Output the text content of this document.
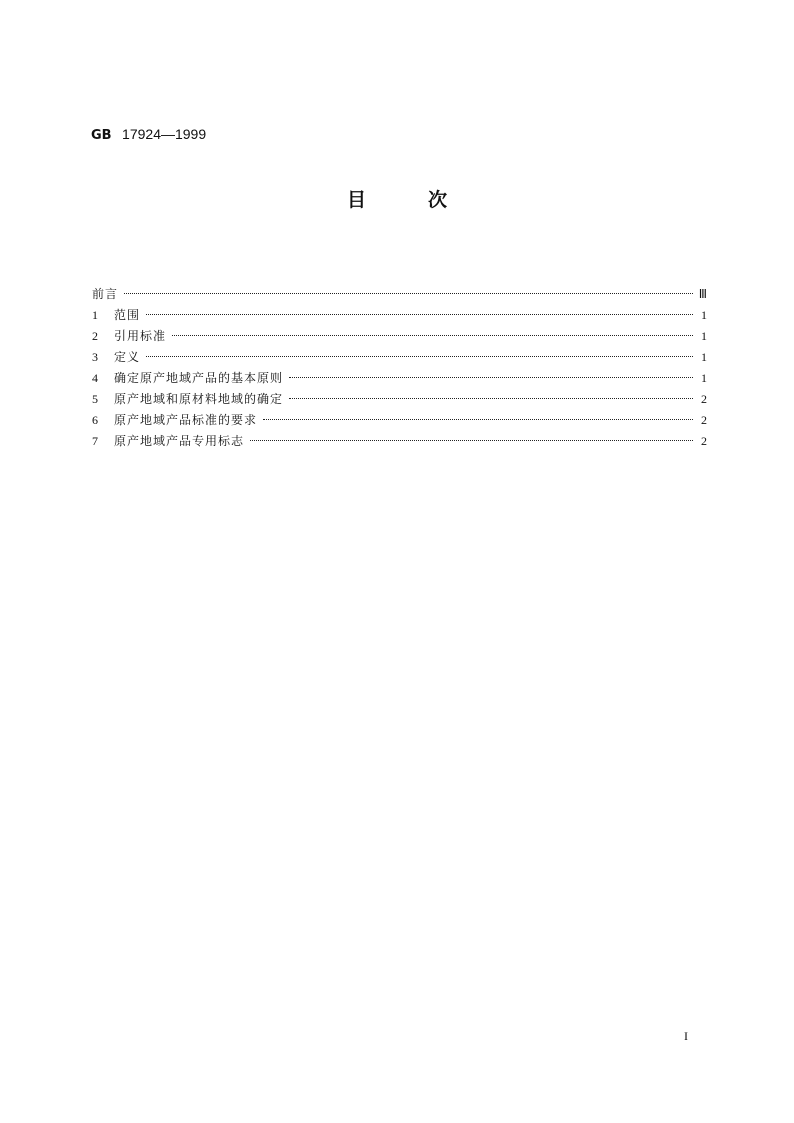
GB 17924—1999
目次
前言	Ⅲ
1	范围	1
2	引用标准	1
3	定义	1
4	确定原产地域产品的基本原则	1
5	原产地域和原材料地域的确定	2
6	原产地域产品标准的要求	2
7	原产地域产品专用标志	2
I
